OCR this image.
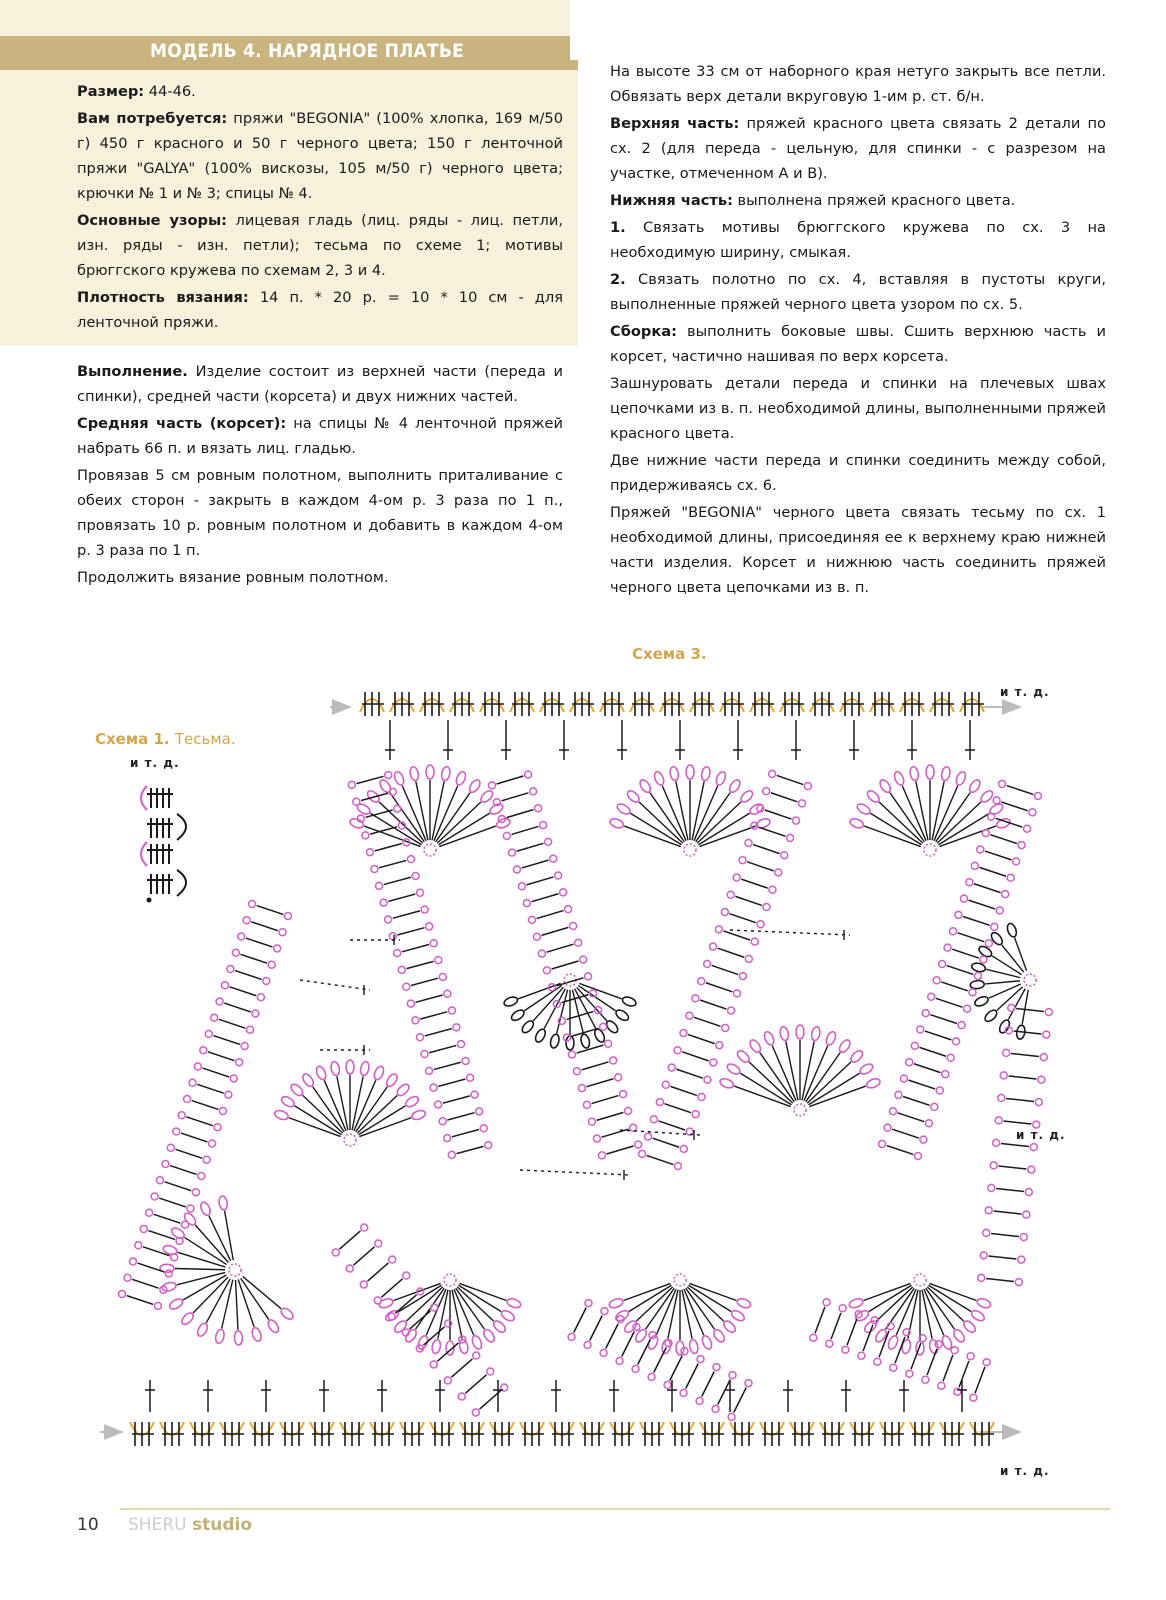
МОДЕЛЬ 4. НАРЯДНОЕ ПЛАТЬЕ

Размер: 44-46.

Вам потребуется: пряжи "BEGONIA" (100% хлопка, 169 м/50 г) 450 г красного и 50 г черного цвета; 150 г ленточной пряжи "GALYA" (100% вискозы, 105 м/50 г) черного цвета; крючки № 1 и № 3; спицы № 4.

Основные узоры: лицевая гладь (лиц. ряды - лиц. петли, изн. ряды - изн. петли); тесьма по схеме 1; мотивы брюггского кружева по схемам 2, 3 и 4.

Плотность вязания: 14 п. * 20 р. = 10 * 10 см - для ленточной пряжи.

Выполнение. Изделие состоит из верхней части (переда и спинки), средней части (корсета) и двух нижних частей.

Средняя часть (корсет): на спицы № 4 ленточной пряжей набрать 66 п. и вязать лиц. гладью.

Провязав 5 см ровным полотном, выполнить приталивание с обеих сторон - закрыть в каждом 4-ом р. 3 раза по 1 п., провязать 10 р. ровным полотном и добавить в каждом 4-ом р. 3 раза по 1 п.

Продолжить вязание ровным полотном.

На высоте 33 см от наборного края нетуго закрыть все петли. Обвязать верх детали вкруговую 1-им р. ст. б/н.

Верхняя часть: пряжей красного цвета связать 2 детали по сх. 2 (для переда - цельную, для спинки - с разрезом на участке, отмеченном А и В).

Нижняя часть: выполнена пряжей красного цвета.

1. Связать мотивы брюггского кружева по сх. 3 на необходимую ширину, смыкая.

2. Связать полотно по сх. 4, вставляя в пустоты круги, выполненные пряжей черного цвета узором по сх. 5.

Сборка: выполнить боковые швы. Сшить верхнюю часть и корсет, частично нашивая по верх корсета.

Зашнуровать детали переда и спинки на плечевых швах цепочками из в. п. необходимой длины, выполненными пряжей красного цвета.

Две нижние части переда и спинки соединить между собой, придерживаясь сх. 6.

Пряжей "BEGONIA" черного цвета связать тесьму по сх. 1 необходимой длины, присоединяя ее к верхнему краю нижней части изделия. Корсет и нижнюю часть соединить пряжей черного цвета цепочками из в. п.

Схема 1. Тесьма.
и т. д.
Схема 3.
и т. д.
и т. д.
и т. д.
10 SHERU studio
